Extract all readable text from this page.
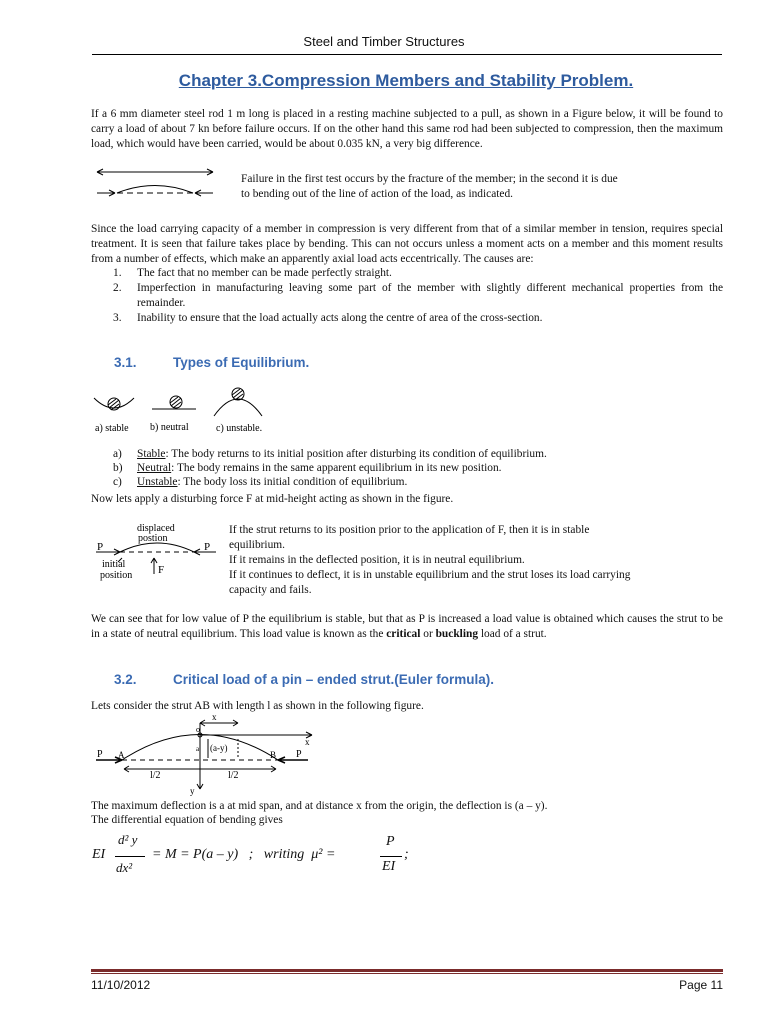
Steel and Timber Structures
Chapter 3.Compression Members and Stability Problem.
If a 6 mm diameter steel rod 1 m long is placed in a resting machine subjected to a pull, as shown in a Figure below, it will be found to carry a load of about 7 kn before failure occurs. If on the other hand this same rod had been subjected to compression, then the maximum load, which would have been carried, would be about 0.035 kN, a very big difference.
Failure in the first test occurs by the fracture of the member; in the second it is due
to bending out of the line of action of the load, as indicated.
Since the load carrying capacity of a member in compression is very different from that of a similar member in tension, requires special treatment. It is seen that failure takes place by bending. This can not occurs unless a moment acts on a member and this moment results from a number of effects, which make an apparently axial load acts eccentrically. The causes are:
1. The fact that no member can be made perfectly straight.
2. Imperfection in manufacturing leaving some part of the member with slightly different mechanical properties from the remainder.
3. Inability to ensure that the load actually acts along the centre of area of the cross-section.
3.1.	Types of Equilibrium.
a) stable b) neutral	c) unstable.
a) Stable: The body returns to its initial position after disturbing its condition of equilibrium.
b) Neutral: The body remains in the same apparent equilibrium in its new position.
c) Unstable: The body loss its initial condition of equilibrium.
Now lets apply a disturbing force F at mid-height acting as shown in the figure.
displaced
postion
P	P
initial
position F
If the strut returns to its position prior to the application of F, then it is in stable
equilibrium.
If it remains in the deflected position, it is in neutral equilibrium.
If it continues to deflect, it is in unstable equilibrium and the strut loses its load carrying
capacity and fails.
We can see that for low value of P the equilibrium is stable, but that as P is increased a load value is obtained which causes the strut to be in a state of neutral equilibrium. This load value is known as the critical or buckling load of a strut.
3.2.	Critical load of a pin – ended strut.(Euler formula).
Lets consider the strut AB with length l as shown in the following figure.
x
x
o
a (a-y)
A	B
P	P
l/2	l/2
y
The maximum deflection is a at mid span, and at distance x from the origin, the deflection is (a – y).
The differential equation of bending gives
EI
d² y
dx²
= M = P(a – y)   ;   writing  μ² =
P
EI
;
11/10/2012	Page 11
